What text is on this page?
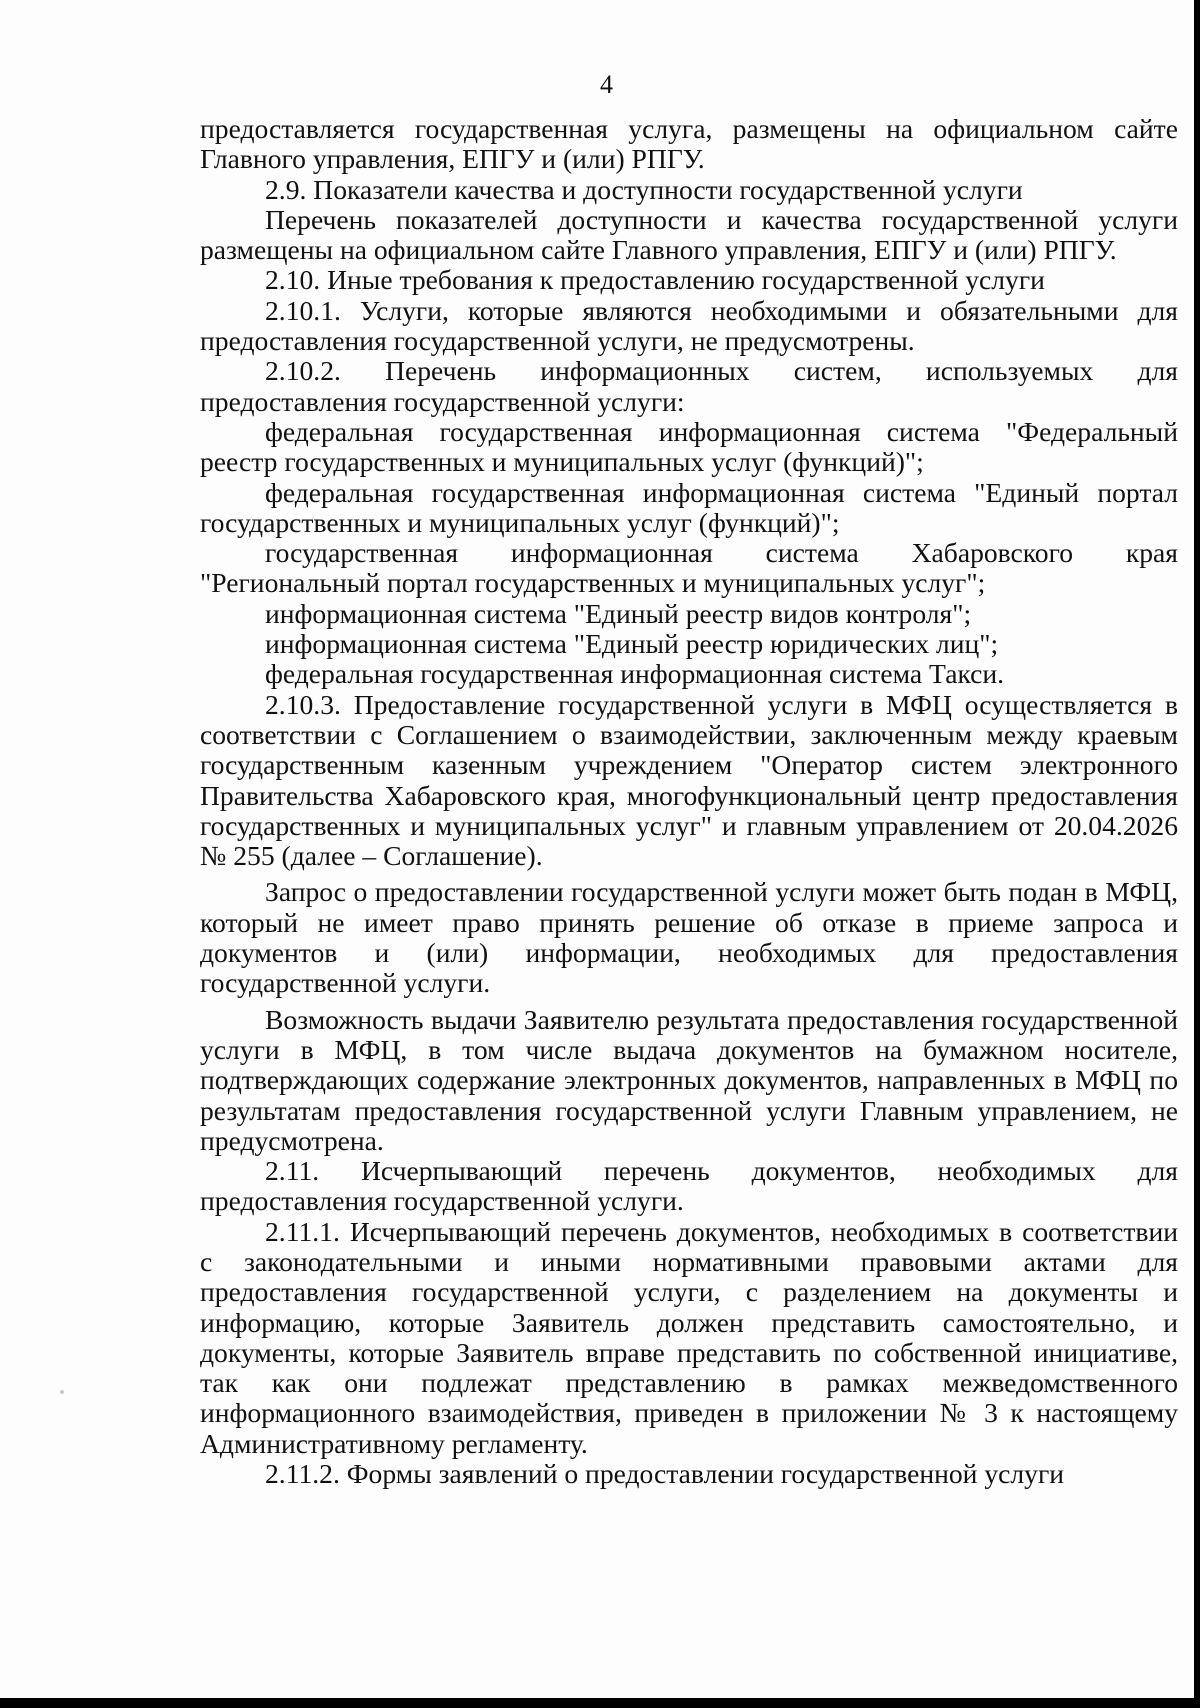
4

предоставляется государственная услуга, размещены на официальном сайте Главного управления, ЕПГУ и (или) РПГУ.

2.9. Показатели качества и доступности государственной услуги

Перечень показателей доступности и качества государственной услуги размещены на официальном сайте Главного управления, ЕПГУ и (или) РПГУ.

2.10. Иные требования к предоставлению государственной услуги

2.10.1. Услуги, которые являются необходимыми и обязательными для предоставления государственной услуги, не предусмотрены.

2.10.2. Перечень информационных систем, используемых для предоставления государственной услуги:

федеральная государственная информационная система "Федеральный реестр государственных и муниципальных услуг (функций)";

федеральная государственная информационная система "Единый портал государственных и муниципальных услуг (функций)";

государственная информационная система Хабаровского края "Региональный портал государственных и муниципальных услуг";

информационная система "Единый реестр видов контроля";

информационная система "Единый реестр юридических лиц";

федеральная государственная информационная система Такси.

2.10.3. Предоставление государственной услуги в МФЦ осуществляется в соответствии с Соглашением о взаимодействии, заключенным между краевым государственным казенным учреждением "Оператор систем электронного Правительства Хабаровского края, многофункциональный центр предоставления государственных и муниципальных услуг" и главным управлением от 20.04.2026 № 255 (далее – Соглашение).

Запрос о предоставлении государственной услуги может быть подан в МФЦ, который не имеет право принять решение об отказе в приеме запроса и документов и (или) информации, необходимых для предоставления государственной услуги.

Возможность выдачи Заявителю результата предоставления государственной услуги в МФЦ, в том числе выдача документов на бумажном носителе, подтверждающих содержание электронных документов, направленных в МФЦ по результатам предоставления государственной услуги Главным управлением, не предусмотрена.

2.11. Исчерпывающий перечень документов, необходимых для предоставления государственной услуги.

2.11.1. Исчерпывающий перечень документов, необходимых в соответствии с законодательными и иными нормативными правовыми актами для предоставления государственной услуги, с разделением на документы и информацию, которые Заявитель должен представить самостоятельно, и документы, которые Заявитель вправе представить по собственной инициативе, так как они подлежат представлению в рамках межведомственного информационного взаимодействия, приведен в приложении № 3 к настоящему Административному регламенту.

2.11.2. Формы заявлений о предоставлении государственной услуги
